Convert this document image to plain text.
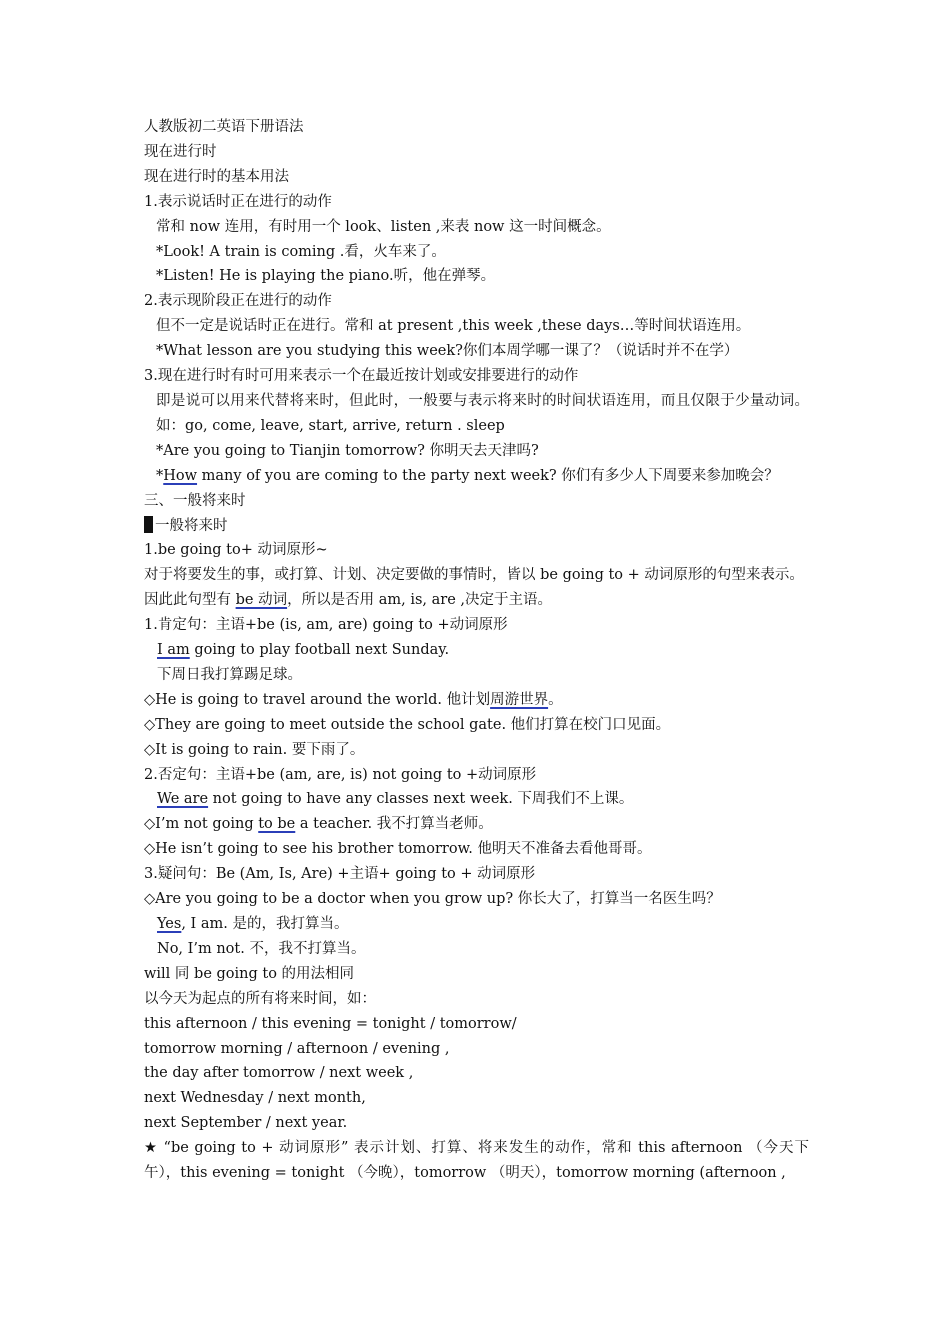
人教版初二英语下册语法
现在进行时
现在进行时的基本用法
1.表示说话时正在进行的动作
常和 now 连用，有时用一个 look、listen ,来表 now 这一时间概念。
*Look! A train is coming .看，火车来了。
*Listen! He is playing the piano.听，他在弹琴。
2.表示现阶段正在进行的动作
但不一定是说话时正在进行。常和 at present ,this week ,these days…等时间状语连用。
*What lesson are you studying this week?你们本周学哪一课了？（说话时并不在学）
3.现在进行时有时可用来表示一个在最近按计划或安排要进行的动作
即是说可以用来代替将来时，但此时，一般要与表示将来时的时间状语连用，而且仅限于少量动词。如：go, come, leave, start, arrive, return . sleep
*Are you going to Tianjin tomorrow? 你明天去天津吗?
*How many of you are coming to the party next week? 你们有多少人下周要来参加晚会？
三、一般将来时
一般将来时
1.be going to+ 动词原形~
对于将要发生的事，或打算、计划、决定要做的事情时，皆以 be going to + 动词原形的句型来表示。
因此此句型有 be 动词，所以是否用 am, is, are ,决定于主语。
1.肯定句：主语+be (is, am, are) going to +动词原形
I am going to play football next Sunday.
下周日我打算踢足球。
◇He is going to travel around the world. 他计划周游世界。
◇They are going to meet outside the school gate. 他们打算在校门口见面。
◇It is going to rain. 要下雨了。
2.否定句：主语+be (am, are, is) not going to +动词原形
We are not going to have any classes next week. 下周我们不上课。
◇I’m not going to be a teacher. 我不打算当老师。
◇He isn’t going to see his brother tomorrow. 他明天不准备去看他哥哥。
3.疑问句：Be (Am, Is, Are) +主语+ going to + 动词原形
◇Are you going to be a doctor when you grow up? 你长大了，打算当一名医生吗？
Yes, I am. 是的，我打算当。
No, I’m not. 不，我不打算当。
will 同 be going to 的用法相同
以今天为起点的所有将来时间，如：
this afternoon / this evening = tonight / tomorrow/
tomorrow morning / afternoon / evening ,
the day after tomorrow / next week ,
next Wednesday / next month,
next September / next year.
★ “be going to + 动词原形” 表示计划、打算、将来发生的动作，常和 this afternoon （今天下午），this evening = tonight （今晚），tomorrow （明天），tomorrow morning (afternoon ,
